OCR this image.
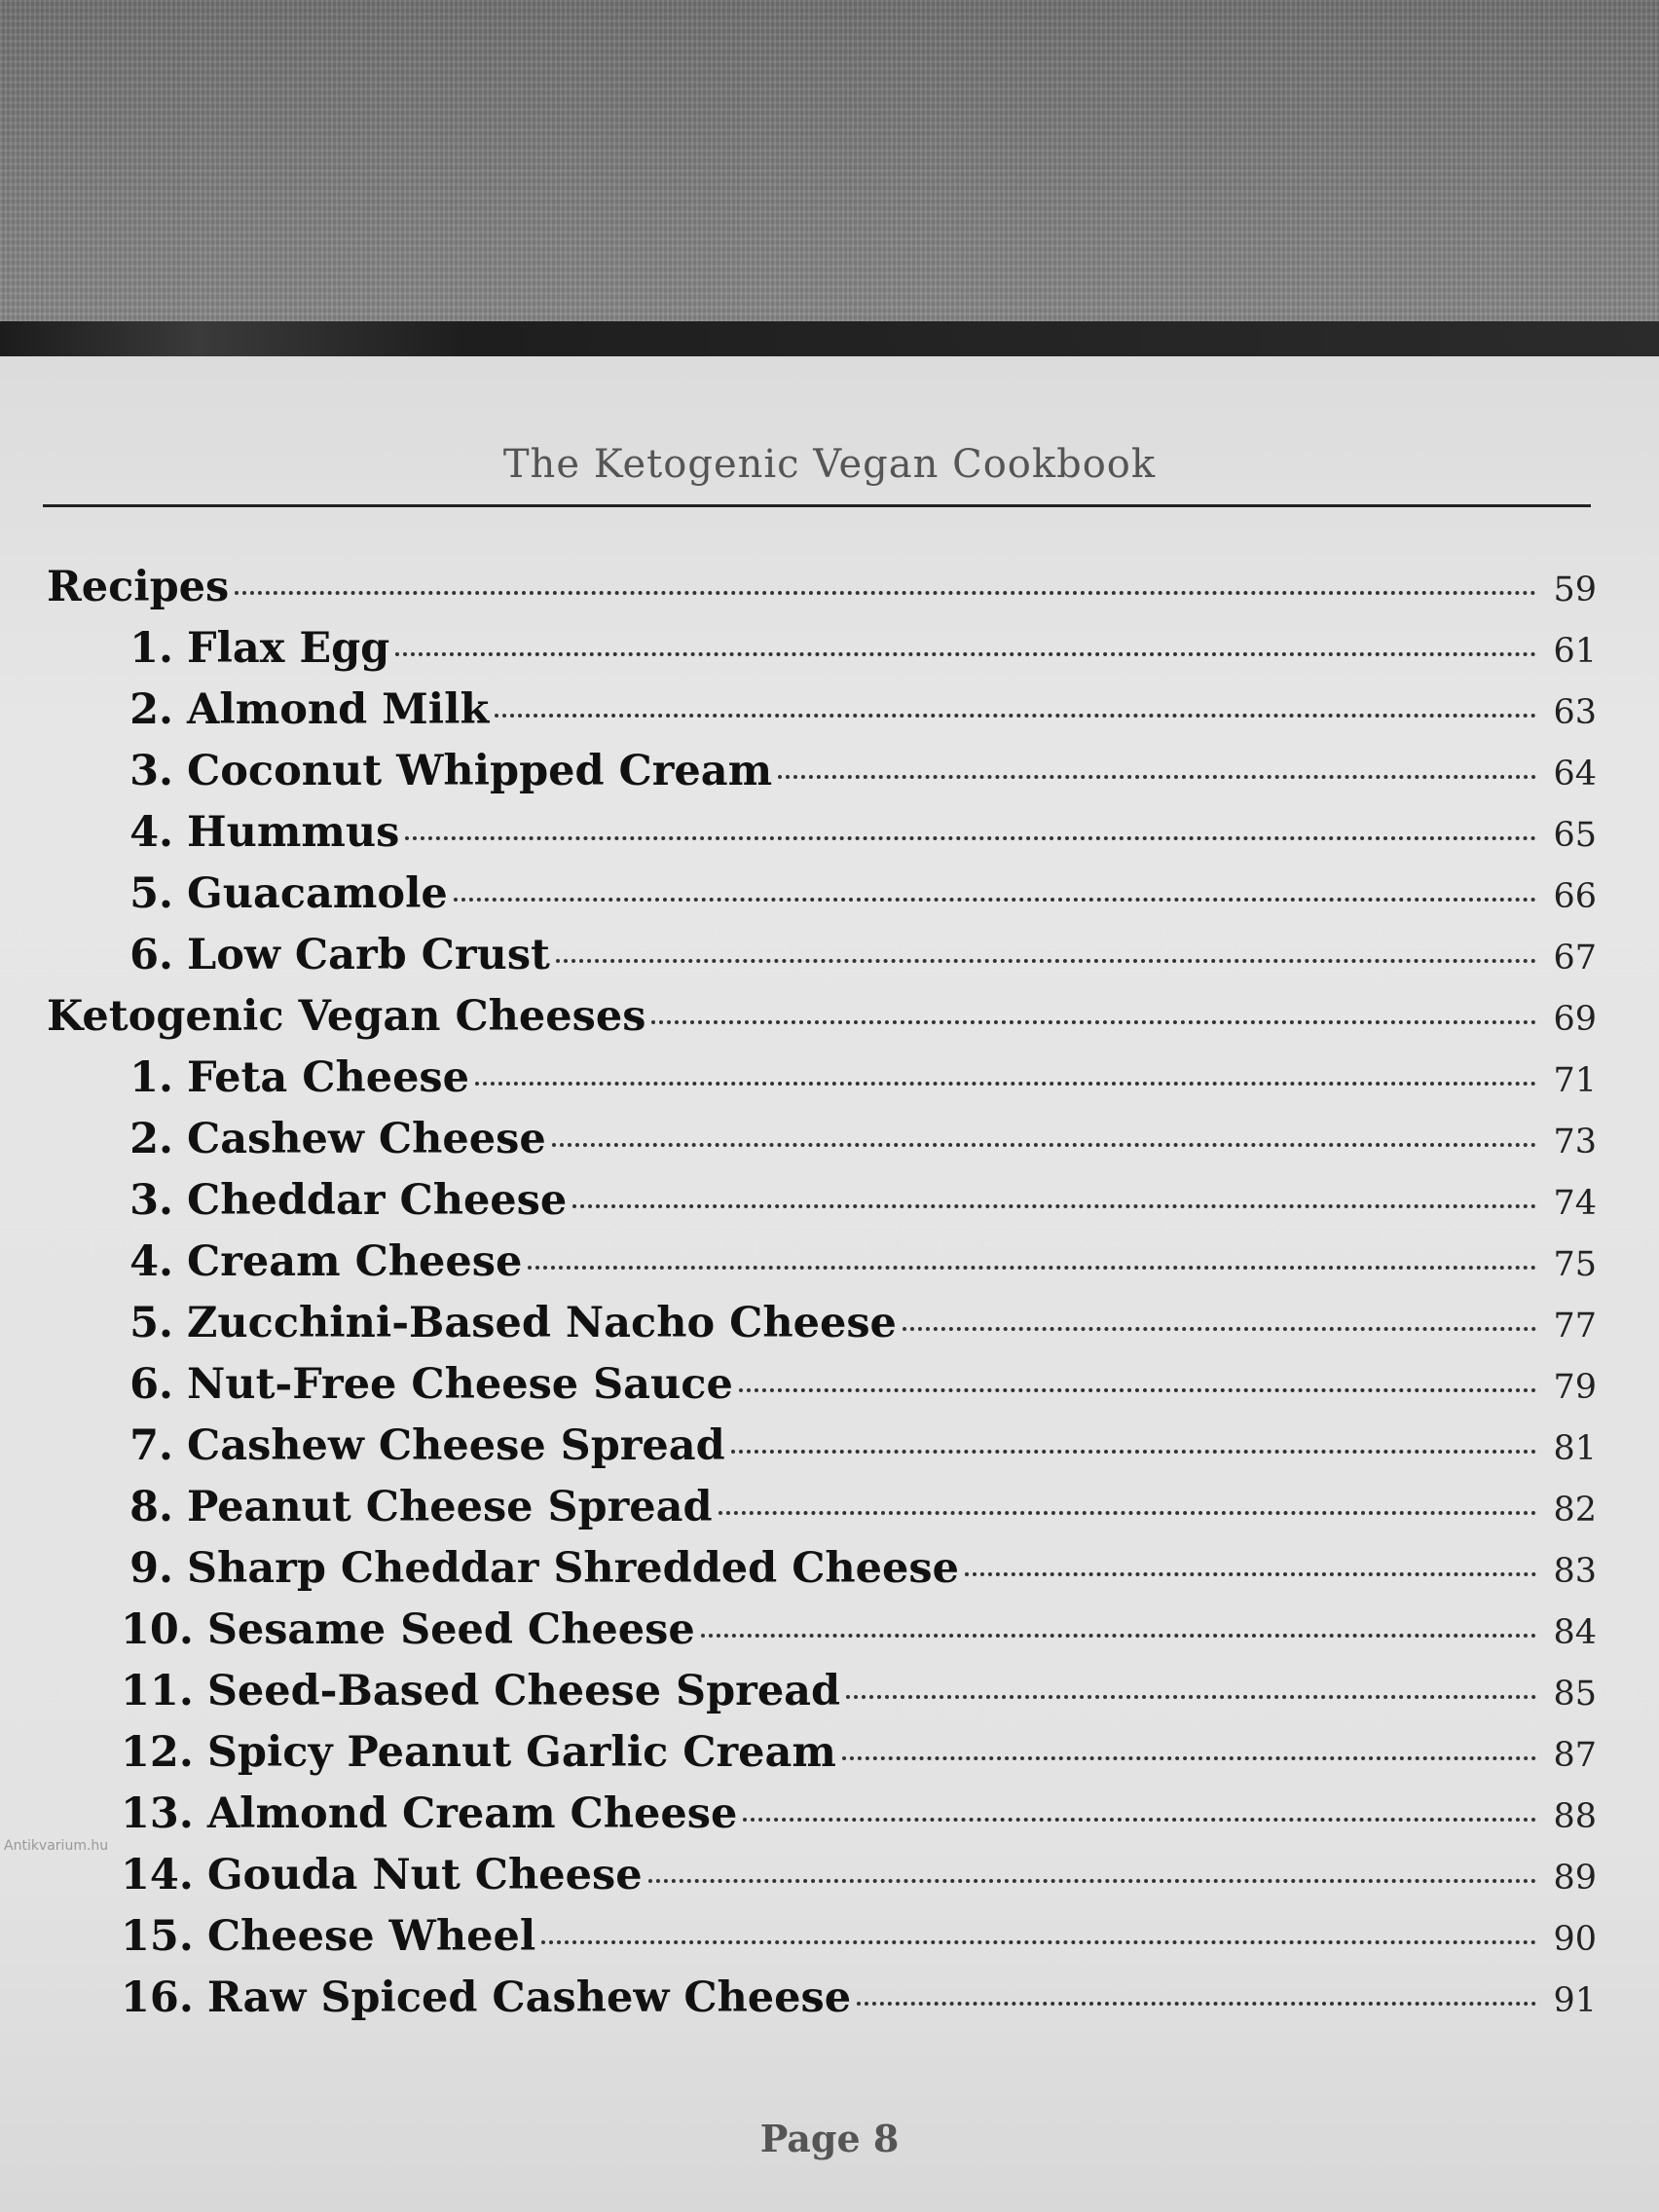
The Ketogenic Vegan Cookbook
Recipes	59
1. Flax Egg	61
2. Almond Milk	63
3. Coconut Whipped Cream	64
4. Hummus	65
5. Guacamole	66
6. Low Carb Crust	67
Ketogenic Vegan Cheeses	69
1. Feta Cheese	71
2. Cashew Cheese	73
3. Cheddar Cheese	74
4. Cream Cheese	75
5. Zucchini-Based Nacho Cheese	77
6. Nut-Free Cheese Sauce	79
7. Cashew Cheese Spread	81
8. Peanut Cheese Spread	82
9. Sharp Cheddar Shredded Cheese	83
10. Sesame Seed Cheese	84
11. Seed-Based Cheese Spread	85
12. Spicy Peanut Garlic Cream	87
13. Almond Cream Cheese	88
14. Gouda Nut Cheese	89
15. Cheese Wheel	90
16. Raw Spiced Cashew Cheese	91
Page 8
Antikvarium.hu
